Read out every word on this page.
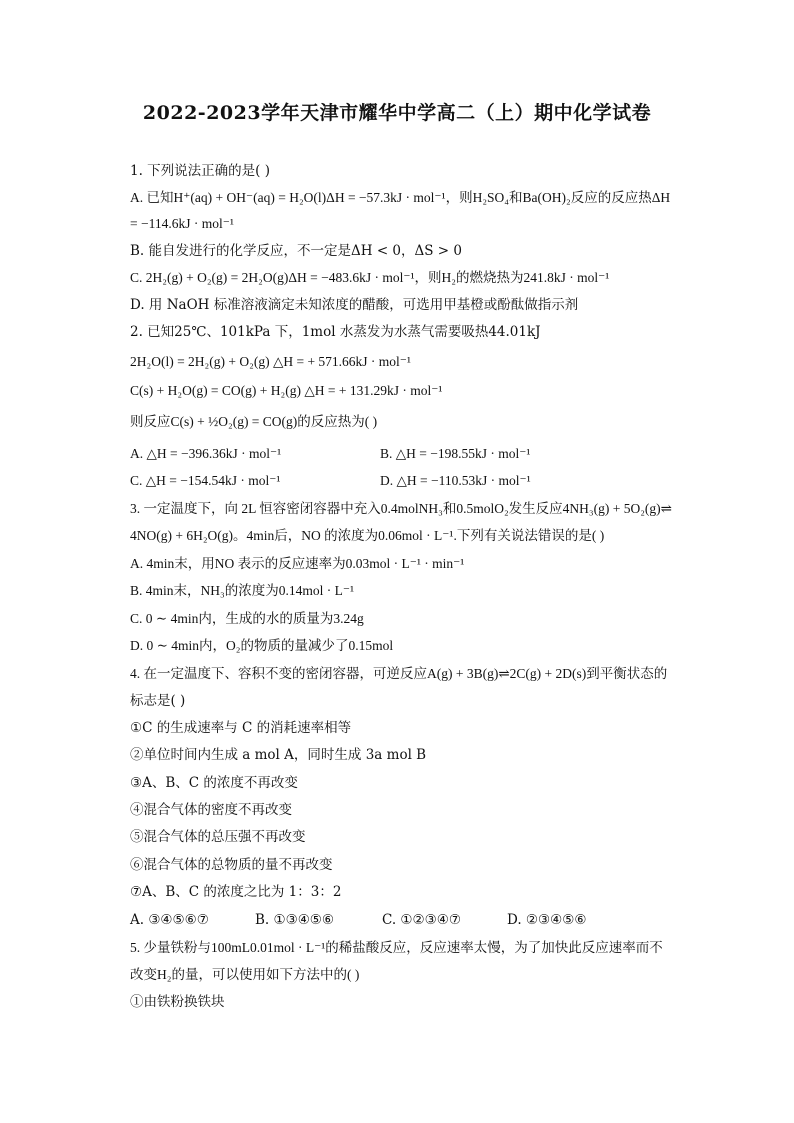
2022-2023学年天津市耀华中学高二（上）期中化学试卷
1. 下列说法正确的是( )
A. 已知H⁺(aq) + OH⁻(aq) = H₂O(l)ΔH = −57.3kJ · mol⁻¹，则H₂SO₄和Ba(OH)₂反应的反应热ΔH
= −114.6kJ · mol⁻¹
B. 能自发进行的化学反应，不一定是ΔH < 0，ΔS > 0
C. 2H₂(g) + O₂(g) = 2H₂O(g)ΔH = −483.6kJ · mol⁻¹，则H₂的燃烧热为241.8kJ · mol⁻¹
D. 用 NaOH 标准溶液滴定未知浓度的醋酸，可选用甲基橙或酚酞做指示剂
2. 已知25℃、101kPa 下，1mol 水蒸发为水蒸气需要吸热44.01kJ
2H₂O(l) = 2H₂(g) + O₂(g) △H = + 571.66kJ · mol⁻¹
C(s) + H₂O(g) = CO(g) + H₂(g) △H = + 131.29kJ · mol⁻¹
则反应C(s) + ½O₂(g) = CO(g)的反应热为( )
A. △H = −396.36kJ · mol⁻¹	B. △H = −198.55kJ · mol⁻¹
C. △H = −154.54kJ · mol⁻¹	D. △H = −110.53kJ · mol⁻¹
3. 一定温度下，向 2L 恒容密闭容器中充入0.4molNH₃和0.5molO₂发生反应4NH₃(g) + 5O₂(g)⇌
4NO(g) + 6H₂O(g)。4min后，NO 的浓度为0.06mol · L⁻¹.下列有关说法错误的是( )
A. 4min末，用NO 表示的反应速率为0.03mol · L⁻¹ · min⁻¹
B. 4min末，NH₃的浓度为0.14mol · L⁻¹
C. 0 ∼ 4min内，生成的水的质量为3.24g
D. 0 ∼ 4min内，O₂的物质的量减少了0.15mol
4. 在一定温度下、容积不变的密闭容器，可逆反应A(g) + 3B(g)⇌2C(g) + 2D(s)到平衡状态的
标志是( )
①C 的生成速率与 C 的消耗速率相等
②单位时间内生成 a mol A，同时生成 3a mol B
③A、B、C 的浓度不再改变
④混合气体的密度不再改变
⑤混合气体的总压强不再改变
⑥混合气体的总物质的量不再改变
⑦A、B、C 的浓度之比为 1：3：2
A. ③④⑤⑥⑦	B. ①③④⑤⑥	C. ①②③④⑦	D. ②③④⑤⑥
5. 少量铁粉与100mL0.01mol · L⁻¹的稀盐酸反应，反应速率太慢，为了加快此反应速率而不
改变H₂的量，可以使用如下方法中的( )
①由铁粉换铁块
